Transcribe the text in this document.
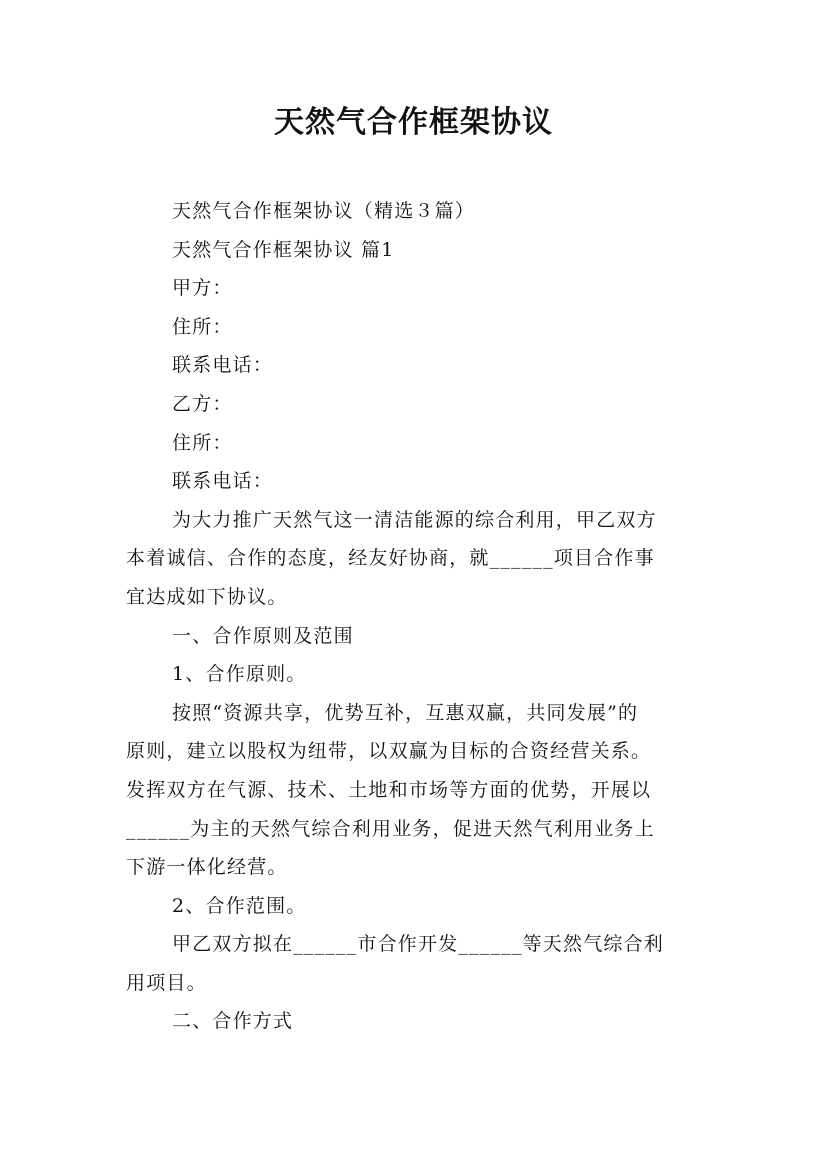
天然气合作框架协议

天然气合作框架协议（精选３篇）

天然气合作框架协议 篇1

甲方：

住所：

联系电话：

乙方：

住所：

联系电话：

为大力推广天然气这一清洁能源的综合利用，甲乙双方

本着诚信、合作的态度，经友好协商，就______项目合作事

宜达成如下协议。

一、合作原则及范围

1、合作原则。

按照“资源共享，优势互补，互惠双赢，共同发展”的

原则，建立以股权为纽带，以双赢为目标的合资经营关系。

发挥双方在气源、技术、土地和市场等方面的优势，开展以

______为主的天然气综合利用业务，促进天然气利用业务上

下游一体化经营。

2、合作范围。

甲乙双方拟在______市合作开发______等天然气综合利

用项目。

二、合作方式
